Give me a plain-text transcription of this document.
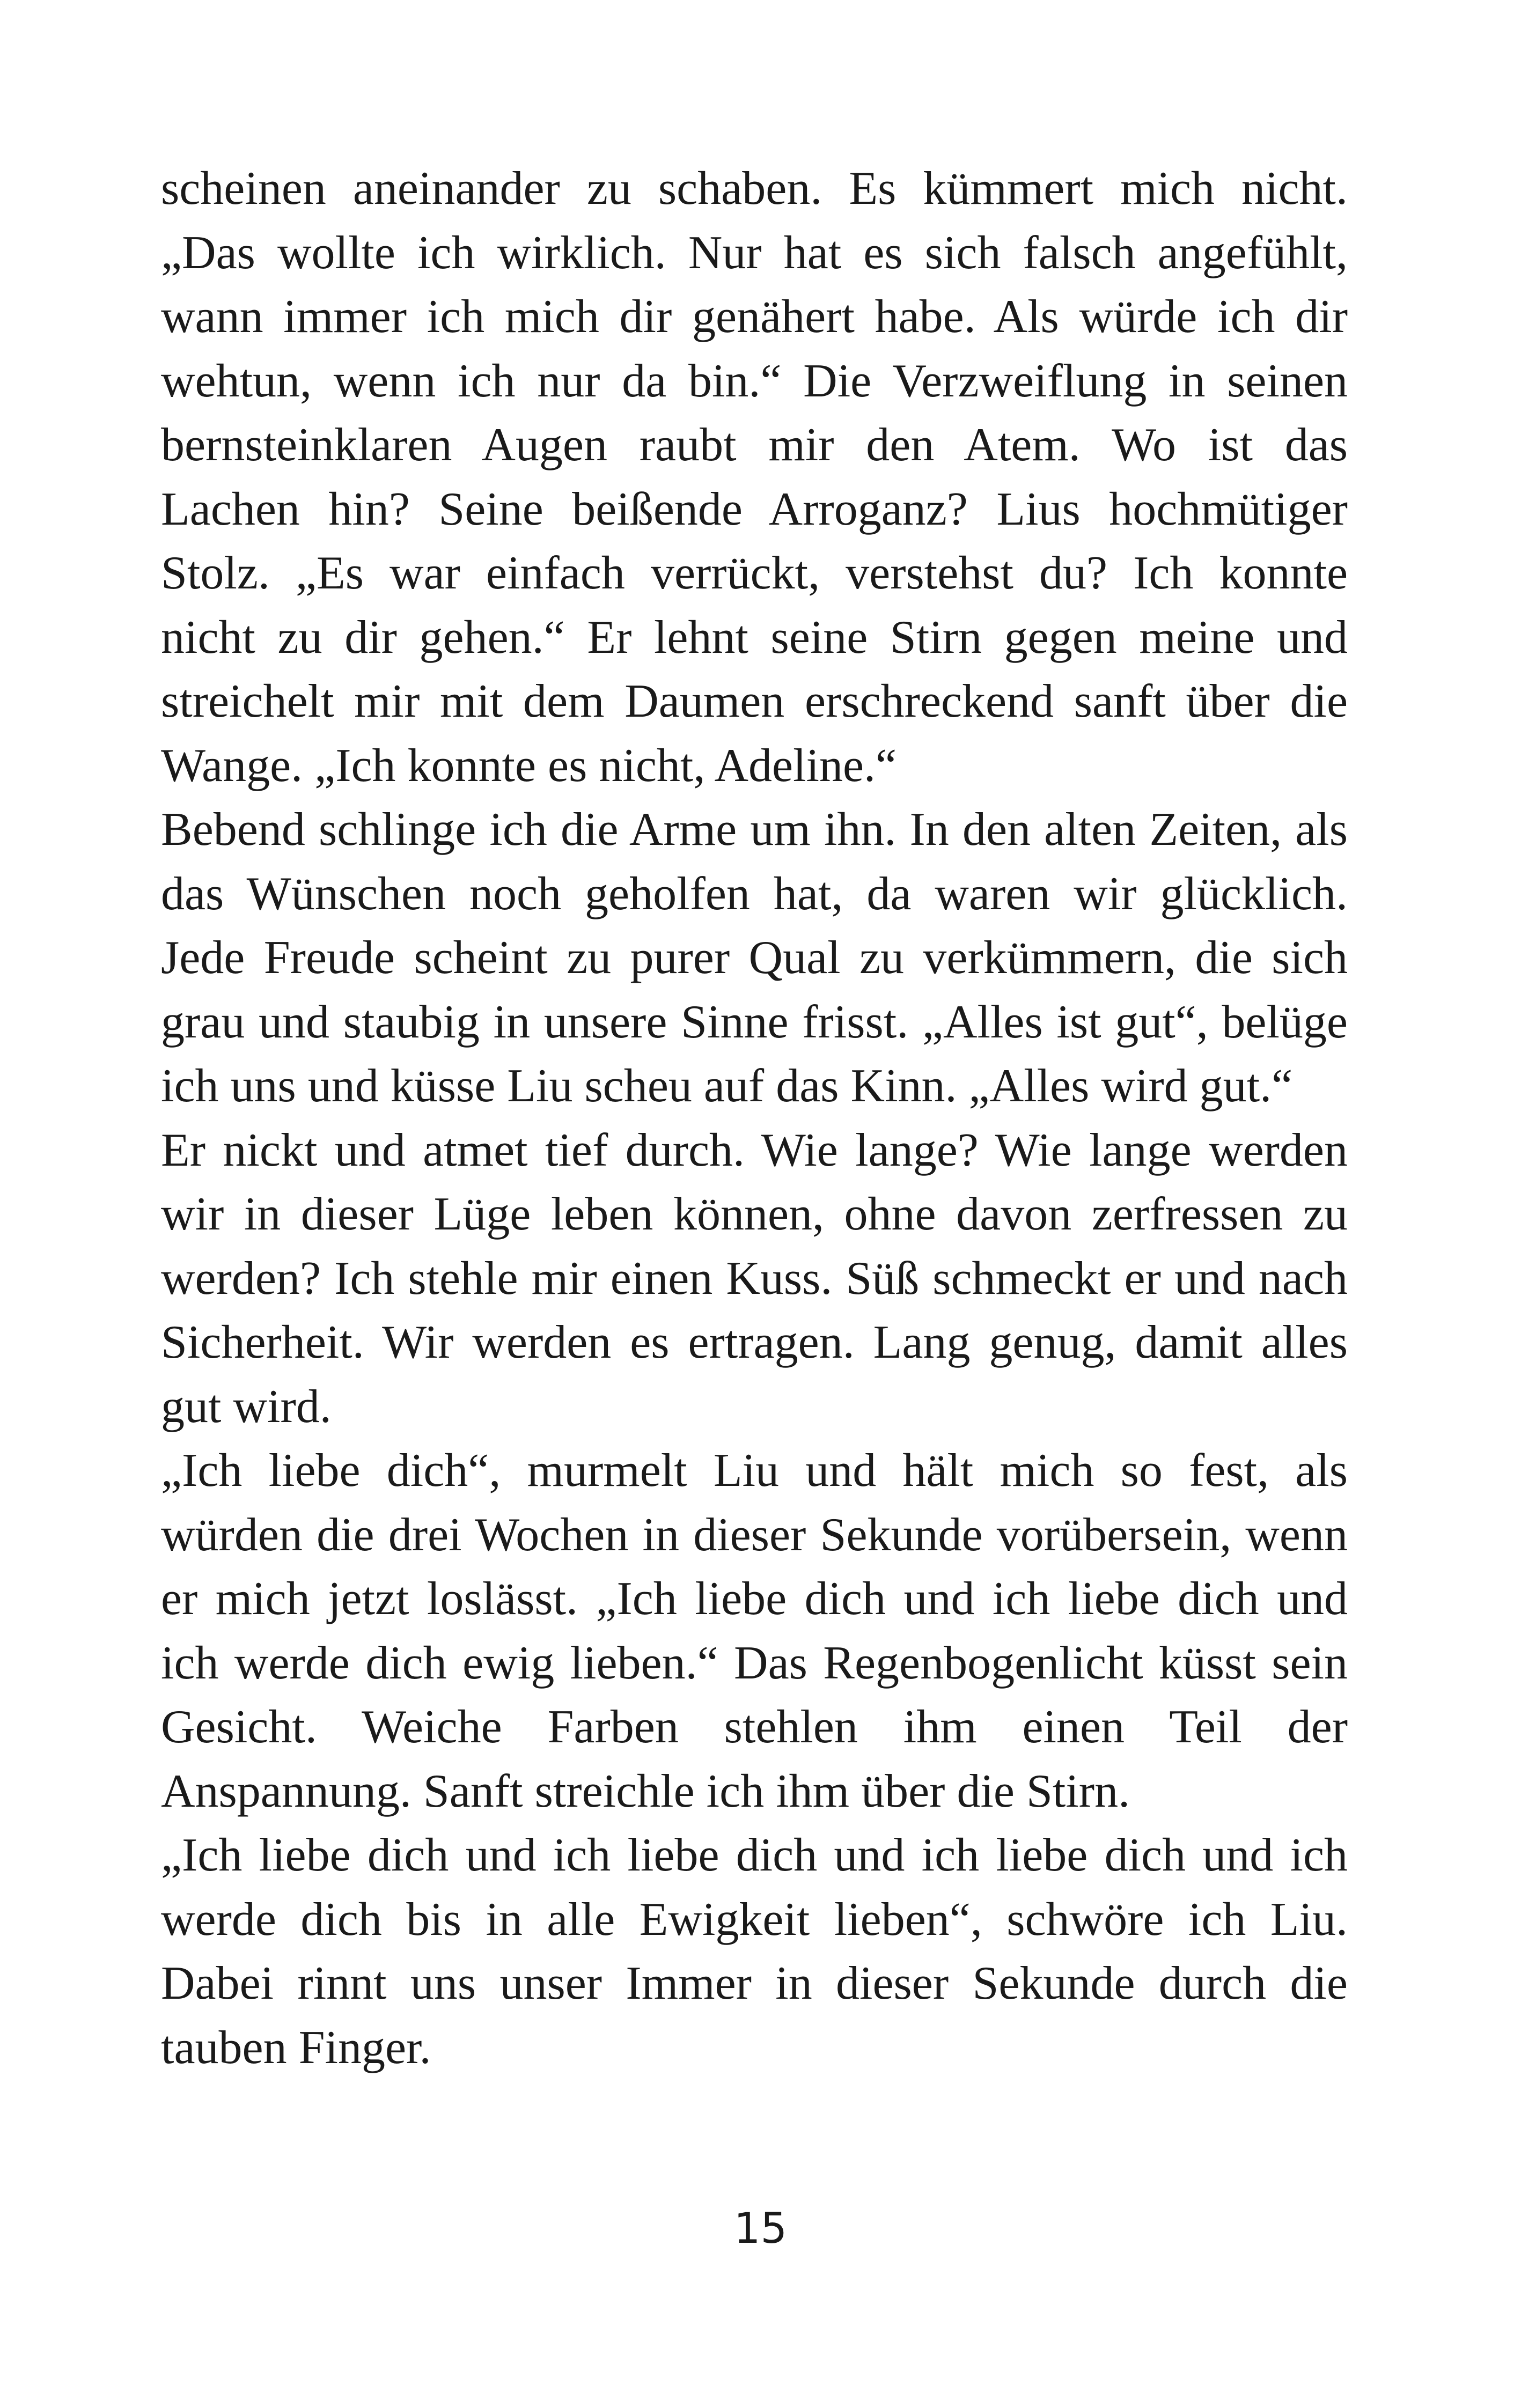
scheinen aneinander zu schaben. Es kümmert mich nicht.
„Das wollte ich wirklich. Nur hat es sich falsch angefühlt,
wann immer ich mich dir genähert habe. Als würde ich dir
wehtun, wenn ich nur da bin.“ Die Verzweiflung in seinen
bernsteinklaren Augen raubt mir den Atem. Wo ist das
Lachen hin? Seine beißende Arroganz? Lius hochmütiger
Stolz. „Es war einfach verrückt, verstehst du? Ich konnte
nicht zu dir gehen.“ Er lehnt seine Stirn gegen meine und
streichelt mir mit dem Daumen erschreckend sanft über die
Wange. „Ich konnte es nicht, Adeline.“
Bebend schlinge ich die Arme um ihn. In den alten Zeiten, als
das Wünschen noch geholfen hat, da waren wir glücklich.
Jede Freude scheint zu purer Qual zu verkümmern, die sich
grau und staubig in unsere Sinne frisst. „Alles ist gut“, belüge
ich uns und küsse Liu scheu auf das Kinn. „Alles wird gut.“
Er nickt und atmet tief durch. Wie lange? Wie lange werden
wir in dieser Lüge leben können, ohne davon zerfressen zu
werden? Ich stehle mir einen Kuss. Süß schmeckt er und nach
Sicherheit. Wir werden es ertragen. Lang genug, damit alles
gut wird.
„Ich liebe dich“, murmelt Liu und hält mich so fest, als
würden die drei Wochen in dieser Sekunde vorübersein, wenn
er mich jetzt loslässt. „Ich liebe dich und ich liebe dich und
ich werde dich ewig lieben.“ Das Regenbogenlicht küsst sein
Gesicht. Weiche Farben stehlen ihm einen Teil der
Anspannung. Sanft streichle ich ihm über die Stirn.
„Ich liebe dich und ich liebe dich und ich liebe dich und ich
werde dich bis in alle Ewigkeit lieben“, schwöre ich Liu.
Dabei rinnt uns unser Immer in dieser Sekunde durch die
tauben Finger.
15
